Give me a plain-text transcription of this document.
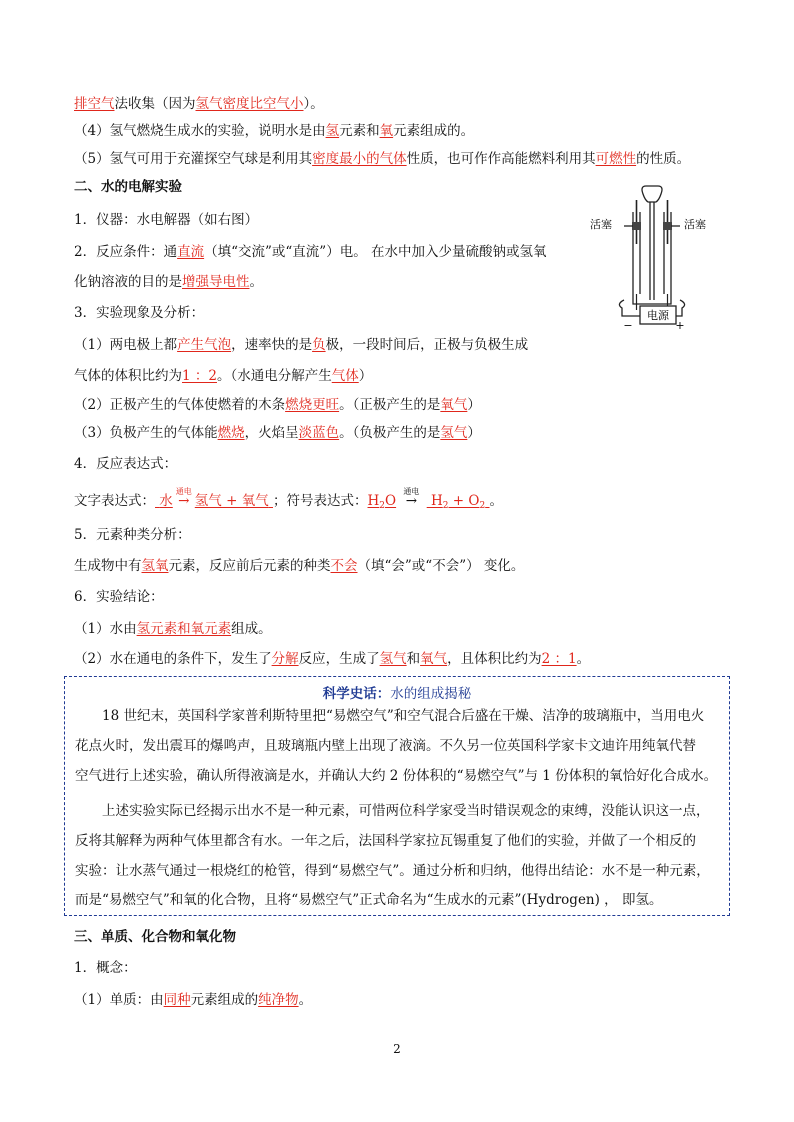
排空气法收集（因为氢气密度比空气小）。
（4）氢气燃烧生成水的实验，说明水是由氢元素和氧元素组成的。
（5）氢气可用于充灌探空气球是利用其密度最小的气体性质，也可作作高能燃料利用其可燃性的性质。
二、水的电解实验
1．仪器：水电解器（如右图）
2．反应条件：通直流（填“交流”或“直流”）电。 在水中加入少量硫酸钠或氢氧
化钠溶液的目的是增强导电性。
3．实验现象及分析：
（1）两电极上都产生气泡，速率快的是负极，一段时间后，正极与负极生成
气体的体积比约为1 ：2。（水通电分解产生气体）
（2）正极产生的气体使燃着的木条燃烧更旺。（正极产生的是氧气）
（3）负极产生的气体能燃烧，火焰呈淡蓝色。（负极产生的是氢气）
4．反应表达式：
文字表达式： 水
通电
→ 氢气 + 氧气 ；符号表达式：$H_2O$
通电
→ $H_2 + O_2$ 。
5．元素种类分析：
生成物中有氢氧元素，反应前后元素的种类不会（填“会”或“不会”） 变化。
6．实验结论：
（1）水由氢元素和氧元素组成。
（2）水在通电的条件下，发生了分解反应，生成了氢气和氧气，且体积比约为2 ：1。
科学史话：水的组成揭秘
　　18 世纪末，英国科学家普利斯特里把“易燃空气”和空气混合后盛在干燥、洁净的玻璃瓶中，当用电火
花点火时，发出震耳的爆鸣声，且玻璃瓶内壁上出现了液滴。不久另一位英国科学家卡文迪许用纯氧代替
空气进行上述实验，确认所得液滴是水，并确认大约 2 份体积的“易燃空气”与 1 份体积的氧恰好化合成水。
　　上述实验实际已经揭示出水不是一种元素，可惜两位科学家受当时错误观念的束缚，没能认识这一点，
反将其解释为两种气体里都含有水。一年之后，法国科学家拉瓦锡重复了他们的实验，并做了一个相反的
实验：让水蒸气通过一根烧红的枪管，得到“易燃空气”。通过分析和归纳，他得出结论：水不是一种元素，
而是“易燃空气”和氧的化合物，且将“易燃空气”正式命名为“生成水的元素”(Hydrogen) ， 即氢。
三、单质、化合物和氧化物
1．概念：
（1）单质：由同种元素组成的纯净物。
2
电源
−	+
活塞	活塞
